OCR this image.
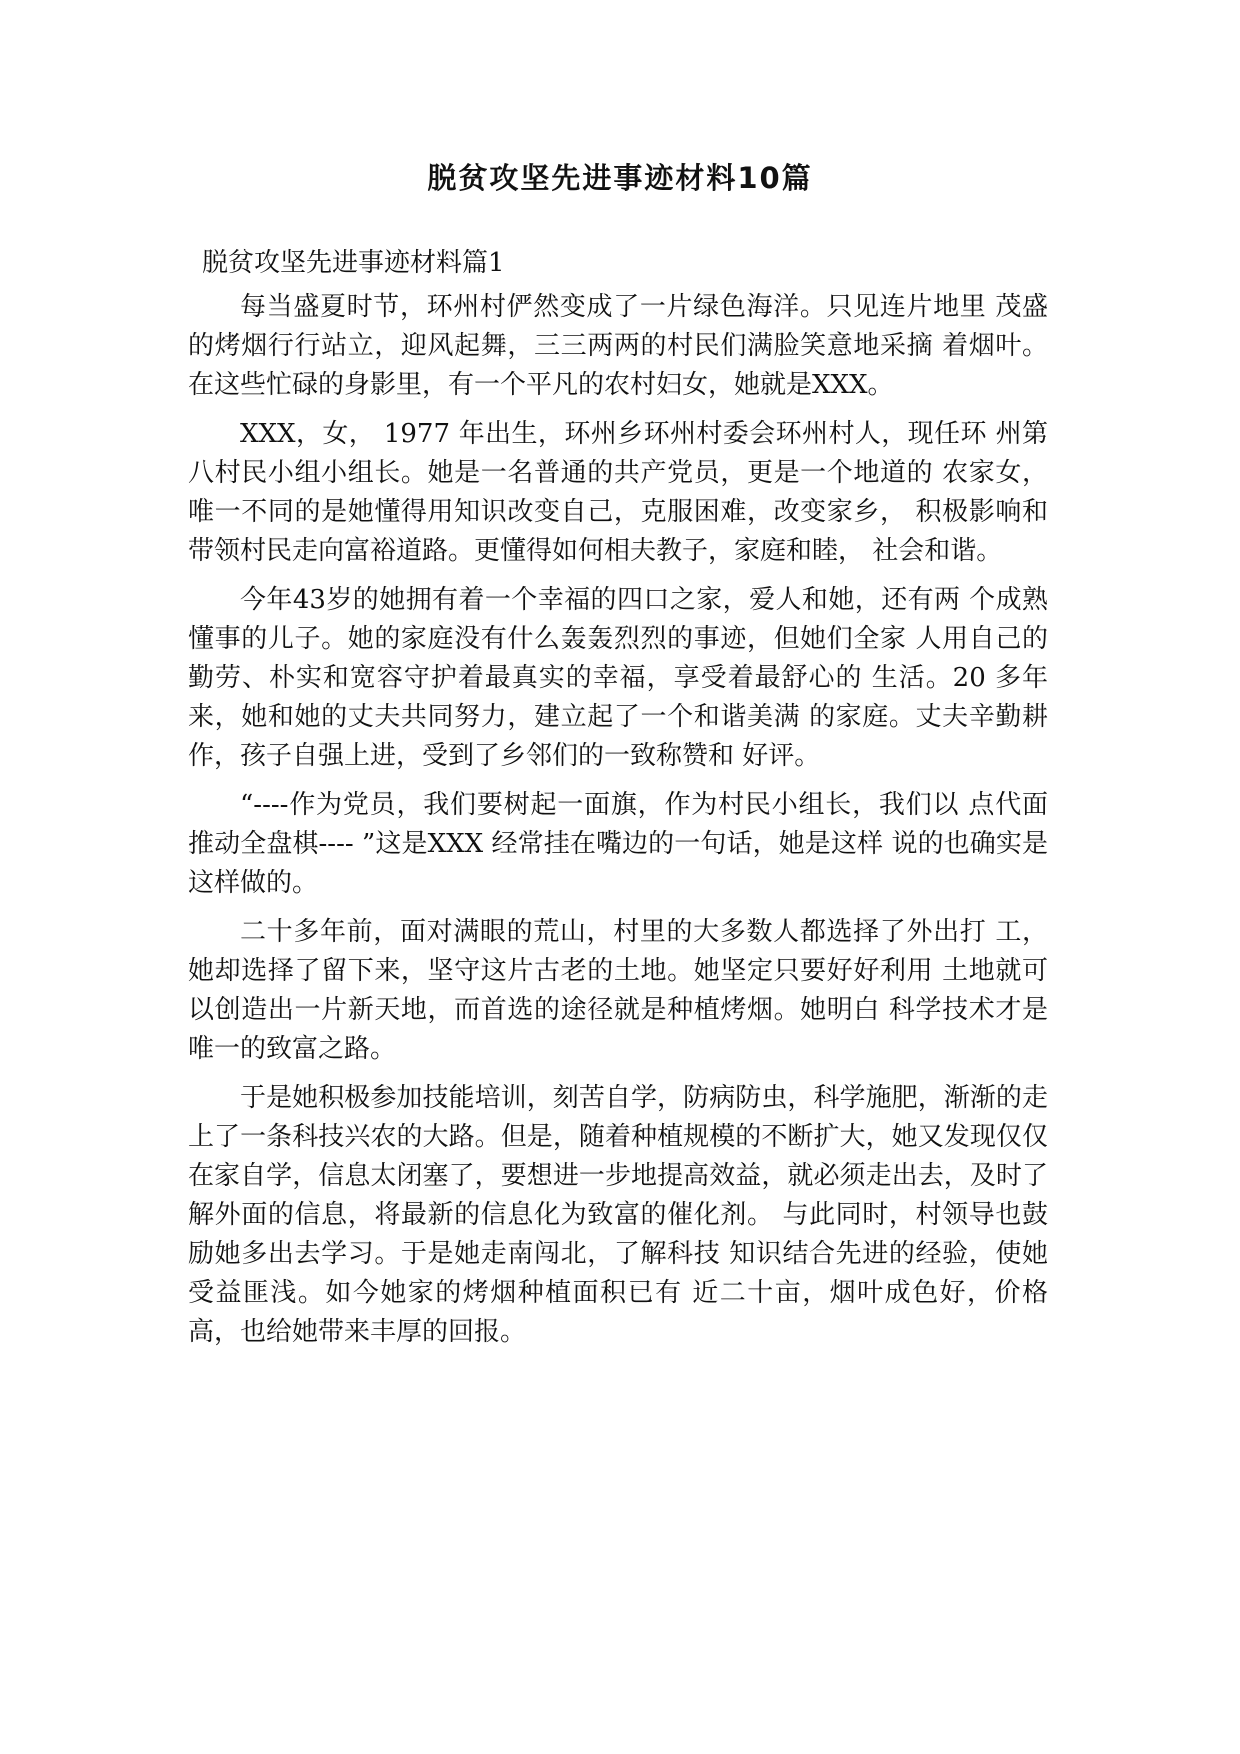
脱贫攻坚先进事迹材料10篇
脱贫攻坚先进事迹材料篇1

每当盛夏时节，环州村俨然变成了一片绿色海洋。只见连片地里 茂盛的烤烟行行站立，迎风起舞，三三两两的村民们满脸笑意地采摘 着烟叶。在这些忙碌的身影里，有一个平凡的农村妇女，她就是XXX。

XXX，女， 1977 年出生，环州乡环州村委会环州村人，现任环 州第八村民小组小组长。她是一名普通的共产党员，更是一个地道的 农家女，唯一不同的是她懂得用知识改变自己，克服困难，改变家乡， 积极影响和带领村民走向富裕道路。更懂得如何相夫教子，家庭和睦， 社会和谐。

今年43岁的她拥有着一个幸福的四口之家，爱人和她，还有两 个成熟懂事的儿子。她的家庭没有什么轰轰烈烈的事迹，但她们全家 人用自己的勤劳、朴实和宽容守护着最真实的幸福，享受着最舒心的 生活。20 多年来，她和她的丈夫共同努力，建立起了一个和谐美满 的家庭。丈夫辛勤耕作，孩子自强上进，受到了乡邻们的一致称赞和 好评。

“----作为党员，我们要树起一面旗，作为村民小组长，我们以 点代面推动全盘棋---- ”这是XXX 经常挂在嘴边的一句话，她是这样 说的也确实是这样做的。

二十多年前，面对满眼的荒山，村里的大多数人都选择了外出打 工，她却选择了留下来，坚守这片古老的土地。她坚定只要好好利用 土地就可以创造出一片新天地，而首选的途径就是种植烤烟。她明白 科学技术才是唯一的致富之路。

于是她积极参加技能培训，刻苦自学，防病防虫，科学施肥，渐渐的走上了一条科技兴农的大路。但是，随着种植规模的不断扩大，她又发现仅仅在家自学，信息太闭塞了，要想进一步地提高效益，就必须走出去，及时了解外面的信息，将最新的信息化为致富的催化剂。 与此同时，村领导也鼓励她多出去学习。于是她走南闯北，了解科技 知识结合先进的经验，使她受益匪浅。如今她家的烤烟种植面积已有 近二十亩，烟叶成色好，价格高，也给她带来丰厚的回报。
